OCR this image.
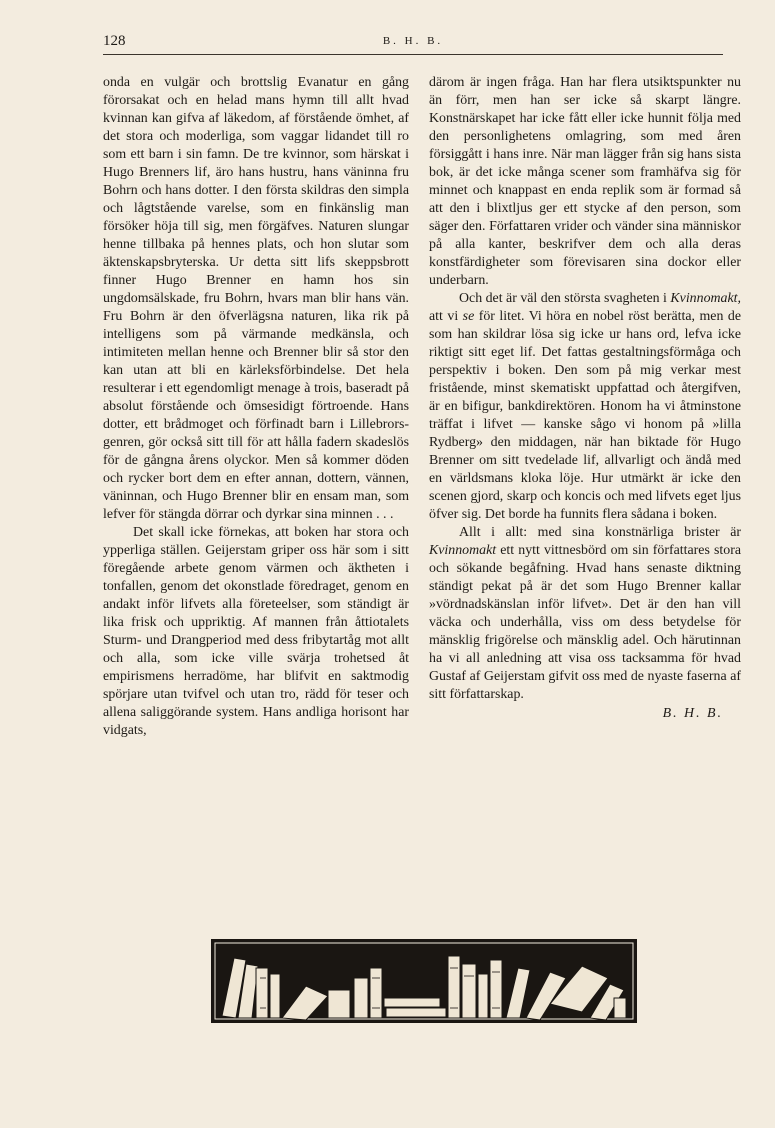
128	B. H. B.

onda en vulgär och brottslig Evanatur en gång förorsakat och en helad mans hymn till allt hvad kvinnan kan gifva af läkedom, af förstående ömhet, af det stora och moderliga, som vaggar lidandet till ro som ett barn i sin famn. De tre kvinnor, som härskat i Hugo Brenners lif, äro hans hustru, hans väninna fru Bohrn och hans dotter. I den första skildras den simpla och lågtstående varelse, som en finkänslig man försöker höja till sig, men förgäfves. Naturen slungar henne tillbaka på hennes plats, och hon slutar som äktenskapsbryterska. Ur detta sitt lifs skeppsbrott finner Hugo Brenner en hamn hos sin ungdomsälskade, fru Bohrn, hvars man blir hans vän. Fru Bohrn är den öfverlägsna naturen, lika rik på intelligens som på värmande medkänsla, och intimiteten mellan henne och Brenner blir så stor den kan utan att bli en kärleksförbindelse. Det hela resulterar i ett egendomligt menage à trois, baseradt på absolut förstående och ömsesidigt förtroende. Hans dotter, ett brådmoget och förfinadt barn i Lillebrors-genren, gör också sitt till för att hålla fadern skadeslös för de gångna årens olyckor. Men så kommer döden och rycker bort dem en efter annan, dottern, vännen, väninnan, och Hugo Brenner blir en ensam man, som lefver för stängda dörrar och dyrkar sina minnen . . .

Det skall icke förnekas, att boken har stora och ypperliga ställen. Geijerstam griper oss här som i sitt föregående arbete genom värmen och äktheten i tonfallen, genom det okonstlade föredraget, genom en andakt inför lifvets alla företeelser, som ständigt är lika frisk och uppriktig. Af mannen från åttiotalets Sturm- und Drangperiod med dess fribytartåg mot allt och alla, som icke ville svärja trohetsed åt empirismens herradöme, har blifvit en saktmodig spörjare utan tvifvel och utan tro, rädd för teser och allena saliggörande system. Hans andliga horisont har vidgats,

därom är ingen fråga. Han har flera utsiktspunkter nu än förr, men han ser icke så skarpt längre. Konstnärskapet har icke fått eller icke hunnit följa med den personlighetens omlagring, som med åren försiggått i hans inre. När man lägger från sig hans sista bok, är det icke många scener som framhäfva sig för minnet och knappast en enda replik som är formad så att den i blixtljus ger ett stycke af den person, som säger den. Författaren vrider och vänder sina människor på alla kanter, beskrifver dem och alla deras konstfärdigheter som förevisaren sina dockor eller underbarn.

Och det är väl den största svagheten i Kvinnomakt, att vi se för litet. Vi höra en nobel röst berätta, men de som han skildrar lösa sig icke ur hans ord, lefva icke riktigt sitt eget lif. Det fattas gestaltningsförmåga och perspektiv i boken. Den som på mig verkar mest fristående, minst skematiskt uppfattad och återgifven, är en bifigur, bankdirektören. Honom ha vi åtminstone träffat i lifvet — kanske sågo vi honom på »lilla Rydberg» den middagen, när han biktade för Hugo Brenner om sitt tvedelade lif, allvarligt och ändå med en världsmans kloka löje. Hur utmärkt är icke den scenen gjord, skarp och koncis och med lifvets eget ljus öfver sig. Det borde ha funnits flera sådana i boken.

Allt i allt: med sina konstnärliga brister är Kvinnomakt ett nytt vittnesbörd om sin författares stora och sökande begåfning. Hvad hans senaste diktning ständigt pekat på är det som Hugo Brenner kallar »vördnadskänslan inför lifvet». Det är den han vill väcka och underhålla, viss om dess betydelse för mänsklig frigörelse och mänsklig adel. Och härutinnan ha vi all anledning att visa oss tacksamma för hvad Gustaf af Geijerstam gifvit oss med de nyaste faserna af sitt författarskap.

B. H. B.
